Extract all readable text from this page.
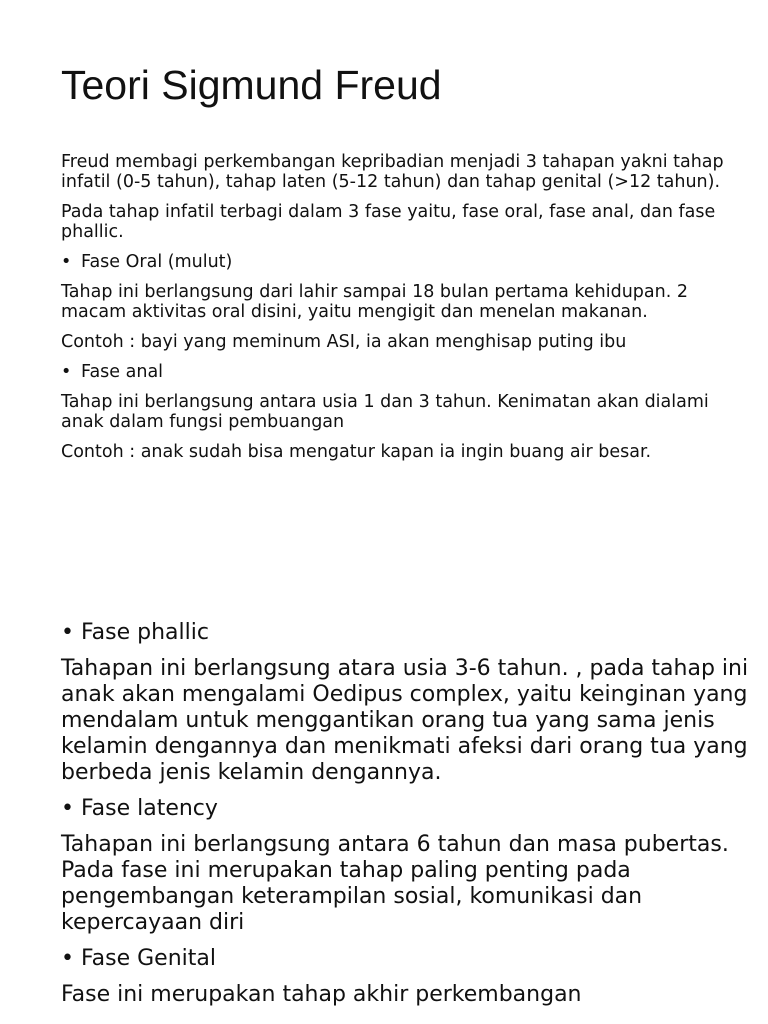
Teori Sigmund Freud

Freud membagi perkembangan kepribadian menjadi 3 tahapan yakni tahap infatil (0-5 tahun), tahap laten (5-12 tahun) dan tahap genital (>12 tahun).

Pada tahap infatil terbagi dalam 3 fase yaitu, fase oral, fase anal, dan fase phallic.

• Fase Oral (mulut)

Tahap ini berlangsung dari lahir sampai 18 bulan pertama kehidupan. 2 macam aktivitas oral disini, yaitu mengigit dan menelan makanan.

Contoh : bayi yang meminum ASI, ia akan menghisap puting ibu

• Fase anal

Tahap ini berlangsung antara usia 1 dan 3 tahun. Kenimatan akan dialami anak dalam fungsi pembuangan

Contoh : anak sudah bisa mengatur kapan ia ingin buang air besar.

• Fase phallic

Tahapan ini berlangsung atara usia 3-6 tahun. , pada tahap ini anak akan mengalami Oedipus complex, yaitu keinginan yang mendalam untuk menggantikan orang tua yang sama jenis kelamin dengannya dan menikmati afeksi dari orang tua yang berbeda jenis kelamin dengannya.

• Fase latency

Tahapan ini berlangsung antara 6 tahun dan masa pubertas. Pada fase ini merupakan tahap paling penting pada pengembangan keterampilan sosial, komunikasi dan kepercayaan diri

• Fase Genital

Fase ini merupakan tahap akhir perkembangan
